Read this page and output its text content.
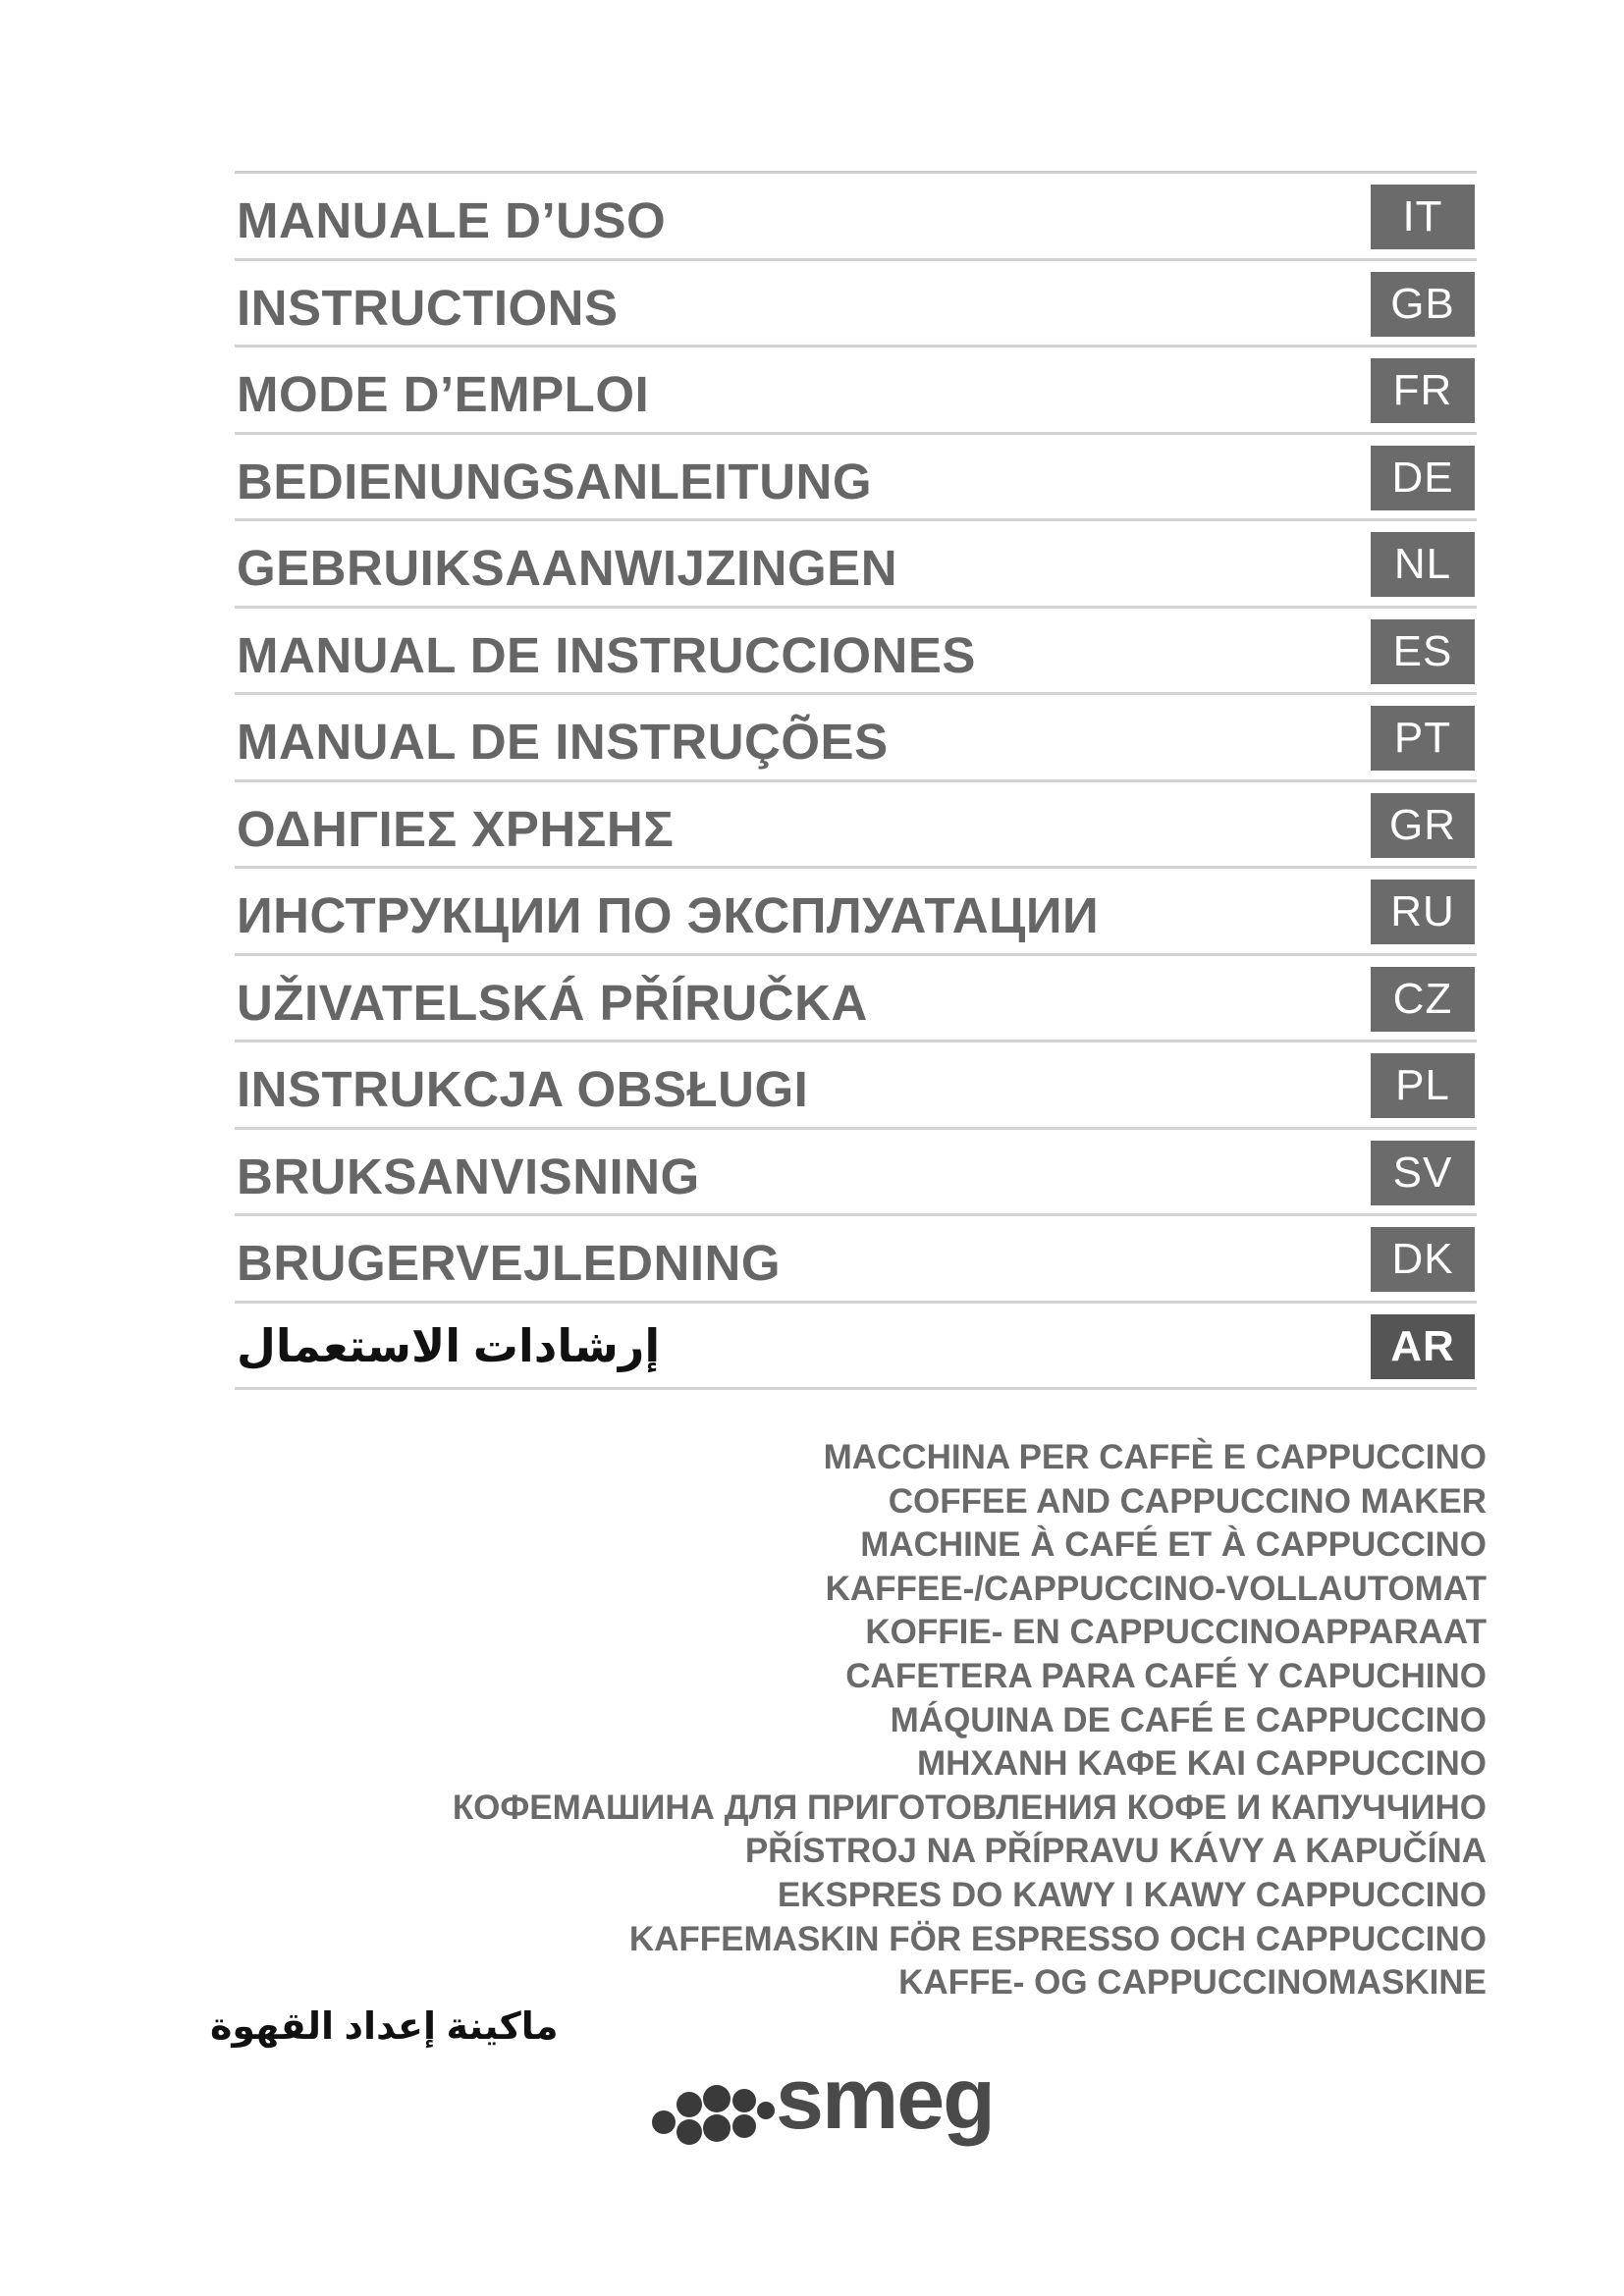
MANUALE D’USO	IT
INSTRUCTIONS	GB
MODE D’EMPLOI	FR
BEDIENUNGSANLEITUNG	DE
GEBRUIKSAANWIJZINGEN	NL
MANUAL DE INSTRUCCIONES	ES
MANUAL DE INSTRUÇÕES	PT
ΟΔΗΓΙΕΣ ΧΡΗΣΗΣ	GR
ИНСТРУКЦИИ ПО ЭКСПЛУАТАЦИИ	RU
UŽIVATELSKÁ PŘÍRUČKA	CZ
INSTRUKCJA OBSŁUGI	PL
BRUKSANVISNING	SV
BRUGERVEJLEDNING	DK
إرشادات الاستعمال	AR
MACCHINA PER CAFFÈ E CAPPUCCINO
COFFEE AND CAPPUCCINO MAKER
MACHINE À CAFÉ ET À CAPPUCCINO
KAFFEE-/CAPPUCCINO-VOLLAUTOMAT
KOFFIE- EN CAPPUCCINOAPPARAAT
CAFETERA PARA CAFÉ Y CAPUCHINO
MÁQUINA DE CAFÉ E CAPPUCCINO
ΜΗΧΑΝΗ ΚΑΦΕ ΚΑΙ CAPPUCCINO
КОФЕМАШИНА ДЛЯ ПРИГОТОВЛЕНИЯ КОФЕ И КАПУЧЧИНО
PŘÍSTROJ NA PŘÍPRAVU KÁVY A KAPUČÍNA
EKSPRES DO KAWY I KAWY CAPPUCCINO
KAFFEMASKIN FÖR ESPRESSO OCH CAPPUCCINO
KAFFE- OG CAPPUCCINOMASKINE
ماكينة إعداد القهوة
smeg
